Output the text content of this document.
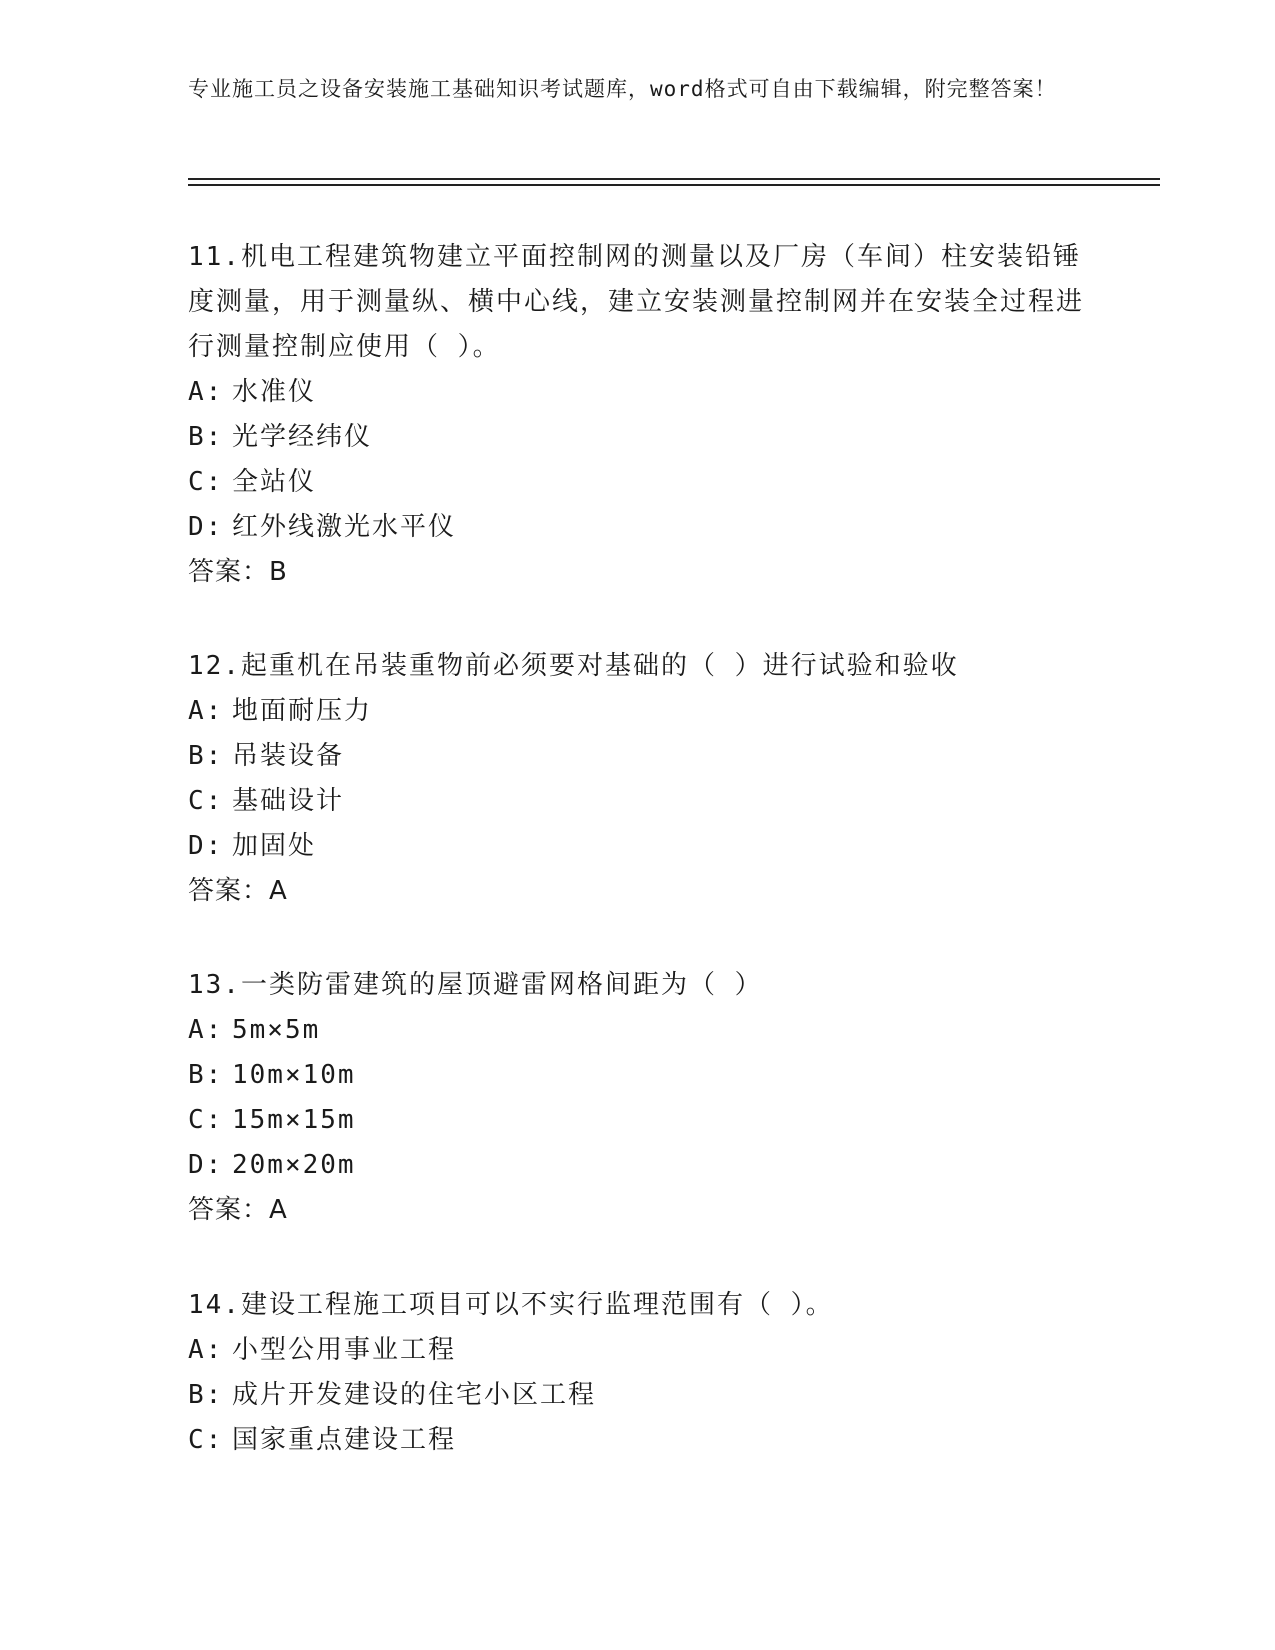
专业施工员之设备安装施工基础知识考试题库，word格式可自由下载编辑，附完整答案！

11.机电工程建筑物建立平面控制网的测量以及厂房（车间）柱安装铅锤度测量，用于测量纵、横中心线，建立安装测量控制网并在安装全过程进行测量控制应使用（ ）。

A: 水准仪

B: 光学经纬仪

C: 全站仪

D: 红外线激光水平仪

答案：B

12.起重机在吊装重物前必须要对基础的（ ）进行试验和验收

A: 地面耐压力

B: 吊装设备

C: 基础设计

D: 加固处

答案：A

13.一类防雷建筑的屋顶避雷网格间距为（ ）

A: 5m×5m

B: 10m×10m

C: 15m×15m

D: 20m×20m

答案：A

14.建设工程施工项目可以不实行监理范围有（ ）。

A: 小型公用事业工程

B: 成片开发建设的住宅小区工程

C: 国家重点建设工程
